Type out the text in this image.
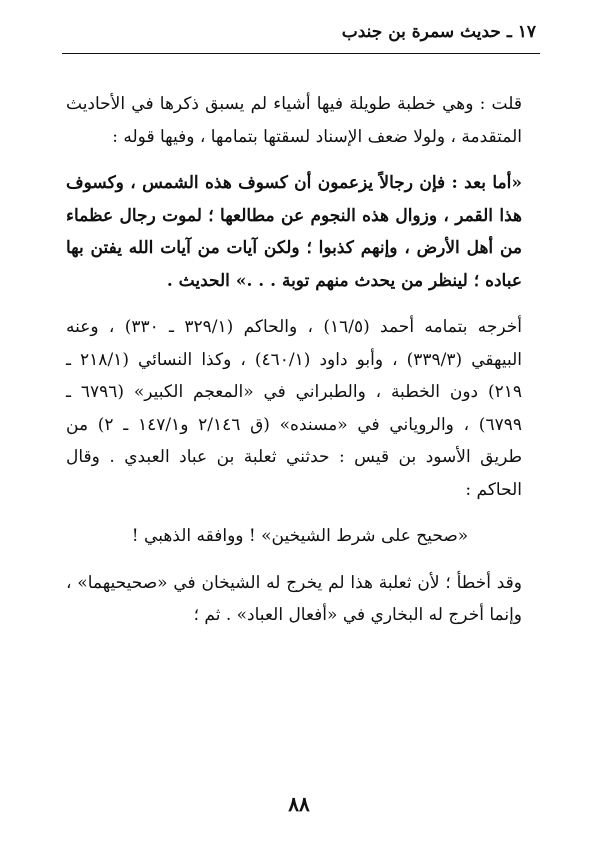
١٧ ـ حديث سمرة بن جندب

قلت : وهي خطبة طويلة فيها أشياء لم يسبق ذكرها في الأحاديث المتقدمة ، ولولا ضعف الإسناد لسقتها بتمامها ، وفيها قوله :

«أما بعد : فإن رجالاً يزعمون أن كسوف هذه الشمس ، وكسوف هذا القمر ، وزوال هذه النجوم عن مطالعها ؛ لموت رجال عظماء من أهل الأرض ، وإنهم كذبوا ؛ ولكن آيات من آيات الله يفتن بها عباده ؛ لينظر من يحدث منهم توبة . . .» الحديث .

أخرجه بتمامه أحمد (١٦/٥) ، والحاكم (٣٢٩/١ ـ ٣٣٠) ، وعنه البيهقي (٣٣٩/٣) ، وأبو داود (٤٦٠/١) ، وكذا النسائي (٢١٨/١ ـ ٢١٩) دون الخطبة ، والطبراني في «المعجم الكبير» (٦٧٩٦ ـ ٦٧٩٩) ، والروياني في «مسنده» (ق ٢/١٤٦ و١٤٧/١ ـ ٢) من طريق الأسود بن قيس : حدثني ثعلبة بن عباد العبدي . وقال الحاكم :

«صحيح على شرط الشيخين» ! ووافقه الذهبي !

وقد أخطأ ؛ لأن ثعلبة هذا لم يخرج له الشيخان في «صحيحيهما» ، وإنما أخرج له البخاري في «أفعال العباد» . ثم ؛

٨٨
